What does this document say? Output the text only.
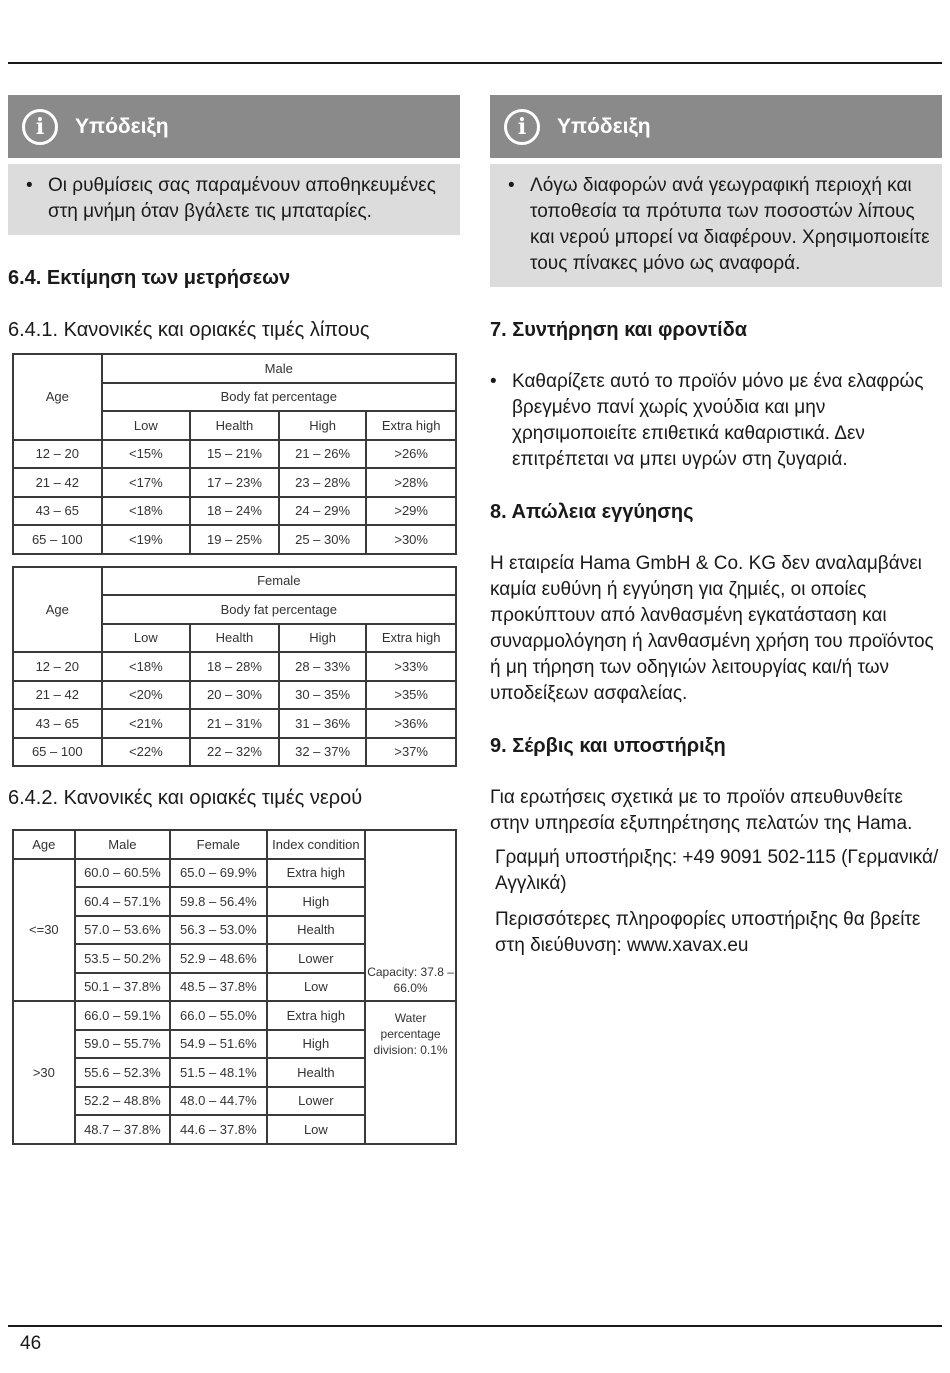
i	Υπόδειξη
• Οι ρυθμίσεις σας παραμένουν αποθηκευμένες στη μνήμη όταν βγάλετε τις μπαταρίες.
6.4. Εκτίμηση των μετρήσεων
6.4.1. Κανονικές και οριακές τιμές λίπους
Age	Male			
	Body fat percentage			
	Low	Health	High	Extra high
12 – 20	<15%	15 – 21%	21 – 26%	>26%
21 – 42	<17%	17 – 23%	23 – 28%	>28%
43 – 65	<18%	18 – 24%	24 – 29%	>29%
65 – 100	<19%	19 – 25%	25 – 30%	>30%
Age	Female			
	Body fat percentage			
	Low	Health	High	Extra high
12 – 20	<18%	18 – 28%	28 – 33%	>33%
21 – 42	<20%	20 – 30%	30 – 35%	>35%
43 – 65	<21%	21 – 31%	31 – 36%	>36%
65 – 100	<22%	22 – 32%	32 – 37%	>37%
6.4.2. Κανονικές και οριακές τιμές νερού
Age	Male	Female	Index condition	Capacity: 37.8 – 66.0%
<=30	60.0 – 60.5%	65.0 – 69.9%	Extra high	
	60.4 – 57.1%	59.8 – 56.4%	High	
	57.0 – 53.6%	56.3 – 53.0%	Health	
	53.5 – 50.2%	52.9 – 48.6%	Lower	
	50.1 – 37.8%	48.5 – 37.8%	Low	
>30	66.0 – 59.1%	66.0 – 55.0%	Extra high	Water percentage division: 0.1%
	59.0 – 55.7%	54.9 – 51.6%	High	
	55.6 – 52.3%	51.5 – 48.1%	Health	
	52.2 – 48.8%	48.0 – 44.7%	Lower	
	48.7 – 37.8%	44.6 – 37.8%	Low	
i	Υπόδειξη
• Λόγω διαφορών ανά γεωγραφική περιοχή και τοποθεσία τα πρότυπα των ποσοστών λίπους και νερού μπορεί να διαφέρουν. Χρησιμοποιείτε τους πίνακες μόνο ως αναφορά.
7. Συντήρηση και φροντίδα
• Καθαρίζετε αυτό το προϊόν μόνο με ένα ελαφρώς βρεγμένο πανί χωρίς χνούδια και μην χρησιμοποιείτε επιθετικά καθαριστικά. Δεν επιτρέπεται να μπει υγρών στη ζυγαριά.
8. Απώλεια εγγύησης

Η εταιρεία Hama GmbH & Co. KG δεν αναλαμβάνει καμία ευθύνη ή εγγύηση για ζημιές, οι οποίες προκύπτουν από λανθασμένη εγκατάσταση και συναρμολόγηση ή λανθασμένη χρήση του προϊόντος ή μη τήρηση των οδηγιών λειτουργίας και/ή των υποδείξεων ασφαλείας.

9. Σέρβις και υποστήριξη

Για ερωτήσεις σχετικά με το προϊόν απευθυνθείτε στην υπηρεσία εξυπηρέτησης πελατών της Hama.

Γραμμή υποστήριξης: +49 9091 502-115 (Γερμανικά/Αγγλικά)

Περισσότερες πληροφορίες υποστήριξης θα βρείτε στη διεύθυνση: www.xavax.eu

46
